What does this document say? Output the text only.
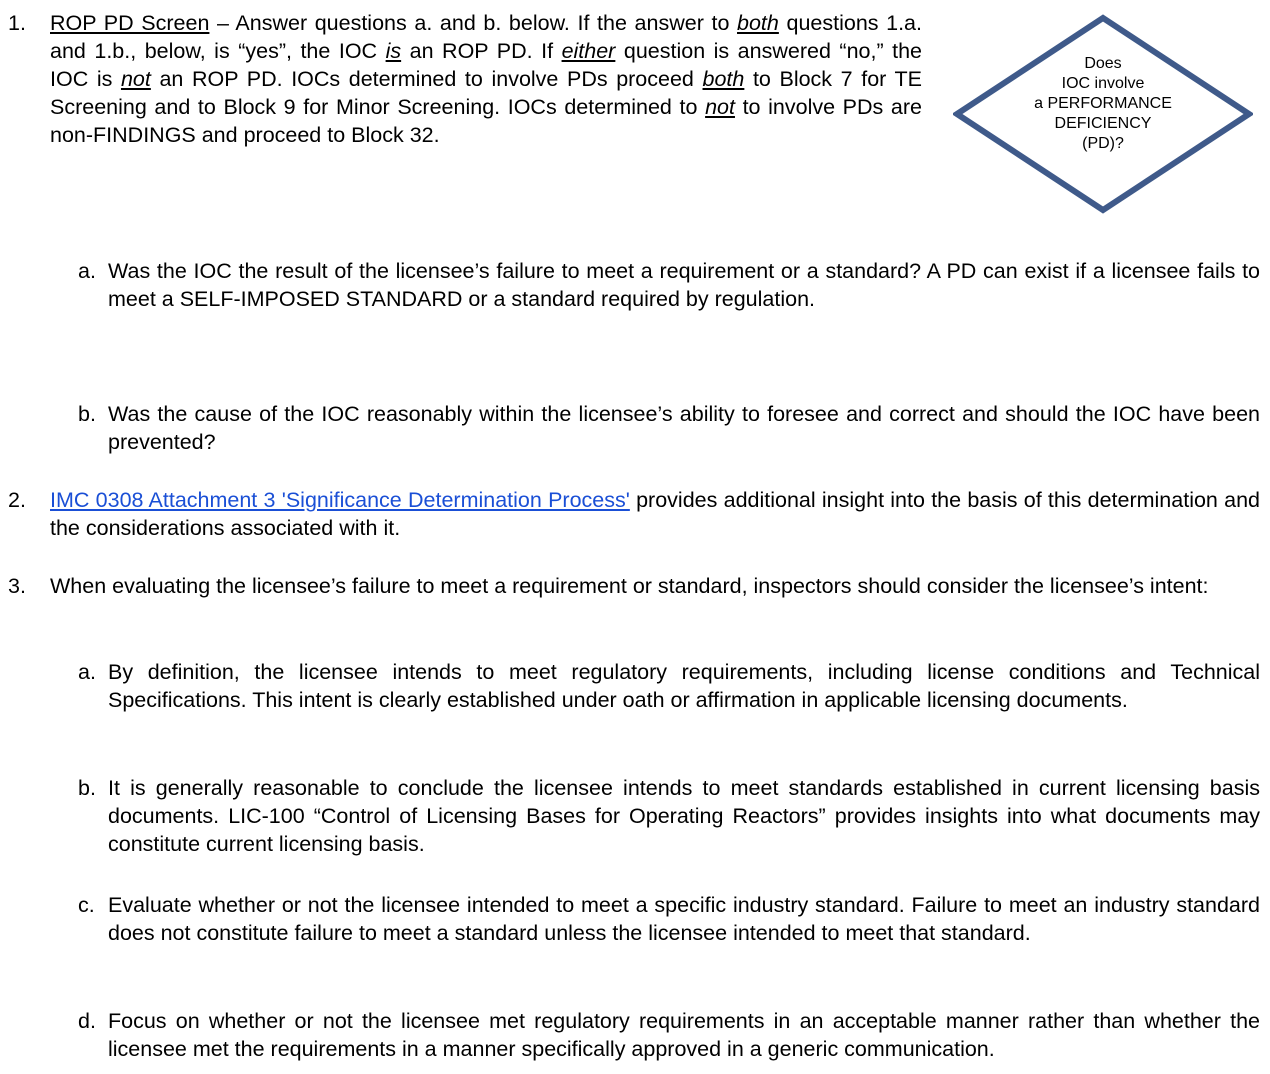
1. ROP PD Screen – Answer questions a. and b. below. If the answer to both questions 1.a. and 1.b., below, is “yes”, the IOC is an ROP PD. If either question is answered “no,” the IOC is not an ROP PD. IOCs determined to involve PDs proceed both to Block 7 for TE Screening and to Block 9 for Minor Screening. IOCs determined to not to involve PDs are non-FINDINGS and proceed to Block 32.

Does
IOC involve
a PERFORMANCE
DEFICIENCY
(PD)?
a. Was the IOC the result of the licensee’s failure to meet a requirement or a standard? A PD can exist if a licensee fails to meet a SELF-IMPOSED STANDARD or a standard required by regulation.

b. Was the cause of the IOC reasonably within the licensee’s ability to foresee and correct and should the IOC have been prevented?

2. IMC 0308 Attachment 3 'Significance Determination Process' provides additional insight into the basis of this determination and the considerations associated with it.

3. When evaluating the licensee’s failure to meet a requirement or standard, inspectors should consider the licensee’s intent:

a. By definition, the licensee intends to meet regulatory requirements, including license conditions and Technical Specifications. This intent is clearly established under oath or affirmation in applicable licensing documents.

b. It is generally reasonable to conclude the licensee intends to meet standards established in current licensing basis documents. LIC-100 “Control of Licensing Bases for Operating Reactors” provides insights into what documents may constitute current licensing basis.

c. Evaluate whether or not the licensee intended to meet a specific industry standard. Failure to meet an industry standard does not constitute failure to meet a standard unless the licensee intended to meet that standard.

d. Focus on whether or not the licensee met regulatory requirements in an acceptable manner rather than whether the licensee met the requirements in a manner specifically approved in a generic communication.
